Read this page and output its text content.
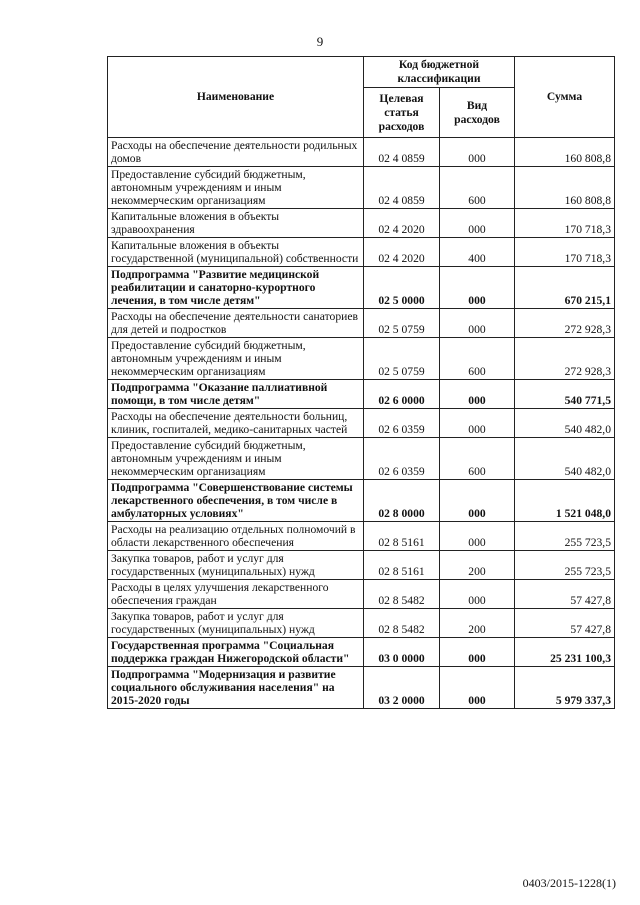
9
Наименование	Код бюджетной классификации		Сумма
	Целевая статья расходов	Вид расходов	
Расходы на обеспечение деятельности родильных домов	02 4 0859	000	160 808,8
Предоставление субсидий бюджетным, автономным учреждениям и иным некоммерческим организациям	02 4 0859	600	160 808,8
Капитальные вложения в объекты здравоохранения	02 4 2020	000	170 718,3
Капитальные вложения в объекты государственной (муниципальной) собственности	02 4 2020	400	170 718,3
Подпрограмма "Развитие медицинской реабилитации и санаторно-курортного лечения, в том числе детям"	02 5 0000	000	670 215,1
Расходы на обеспечение деятельности санаториев для детей и подростков	02 5 0759	000	272 928,3
Предоставление субсидий бюджетным, автономным учреждениям и иным некоммерческим организациям	02 5 0759	600	272 928,3
Подпрограмма "Оказание паллиативной помощи, в том числе детям"	02 6 0000	000	540 771,5
Расходы на обеспечение деятельности больниц, клиник, госпиталей, медико-санитарных частей	02 6 0359	000	540 482,0
Предоставление субсидий бюджетным, автономным учреждениям и иным некоммерческим организациям	02 6 0359	600	540 482,0
Подпрограмма "Совершенствование системы лекарственного обеспечения, в том числе в амбулаторных условиях"	02 8 0000	000	1 521 048,0
Расходы на реализацию отдельных полномочий в области лекарственного обеспечения	02 8 5161	000	255 723,5
Закупка товаров, работ и услуг для государственных (муниципальных) нужд	02 8 5161	200	255 723,5
Расходы в целях улучшения лекарственного обеспечения граждан	02 8 5482	000	57 427,8
Закупка товаров, работ и услуг для государственных (муниципальных) нужд	02 8 5482	200	57 427,8
Государственная программа "Социальная поддержка граждан Нижегородской области"	03 0 0000	000	25 231 100,3
Подпрограмма "Модернизация и развитие социального обслуживания населения" на 2015-2020 годы	03 2 0000	000	5 979 337,3
0403/2015-1228(1)
